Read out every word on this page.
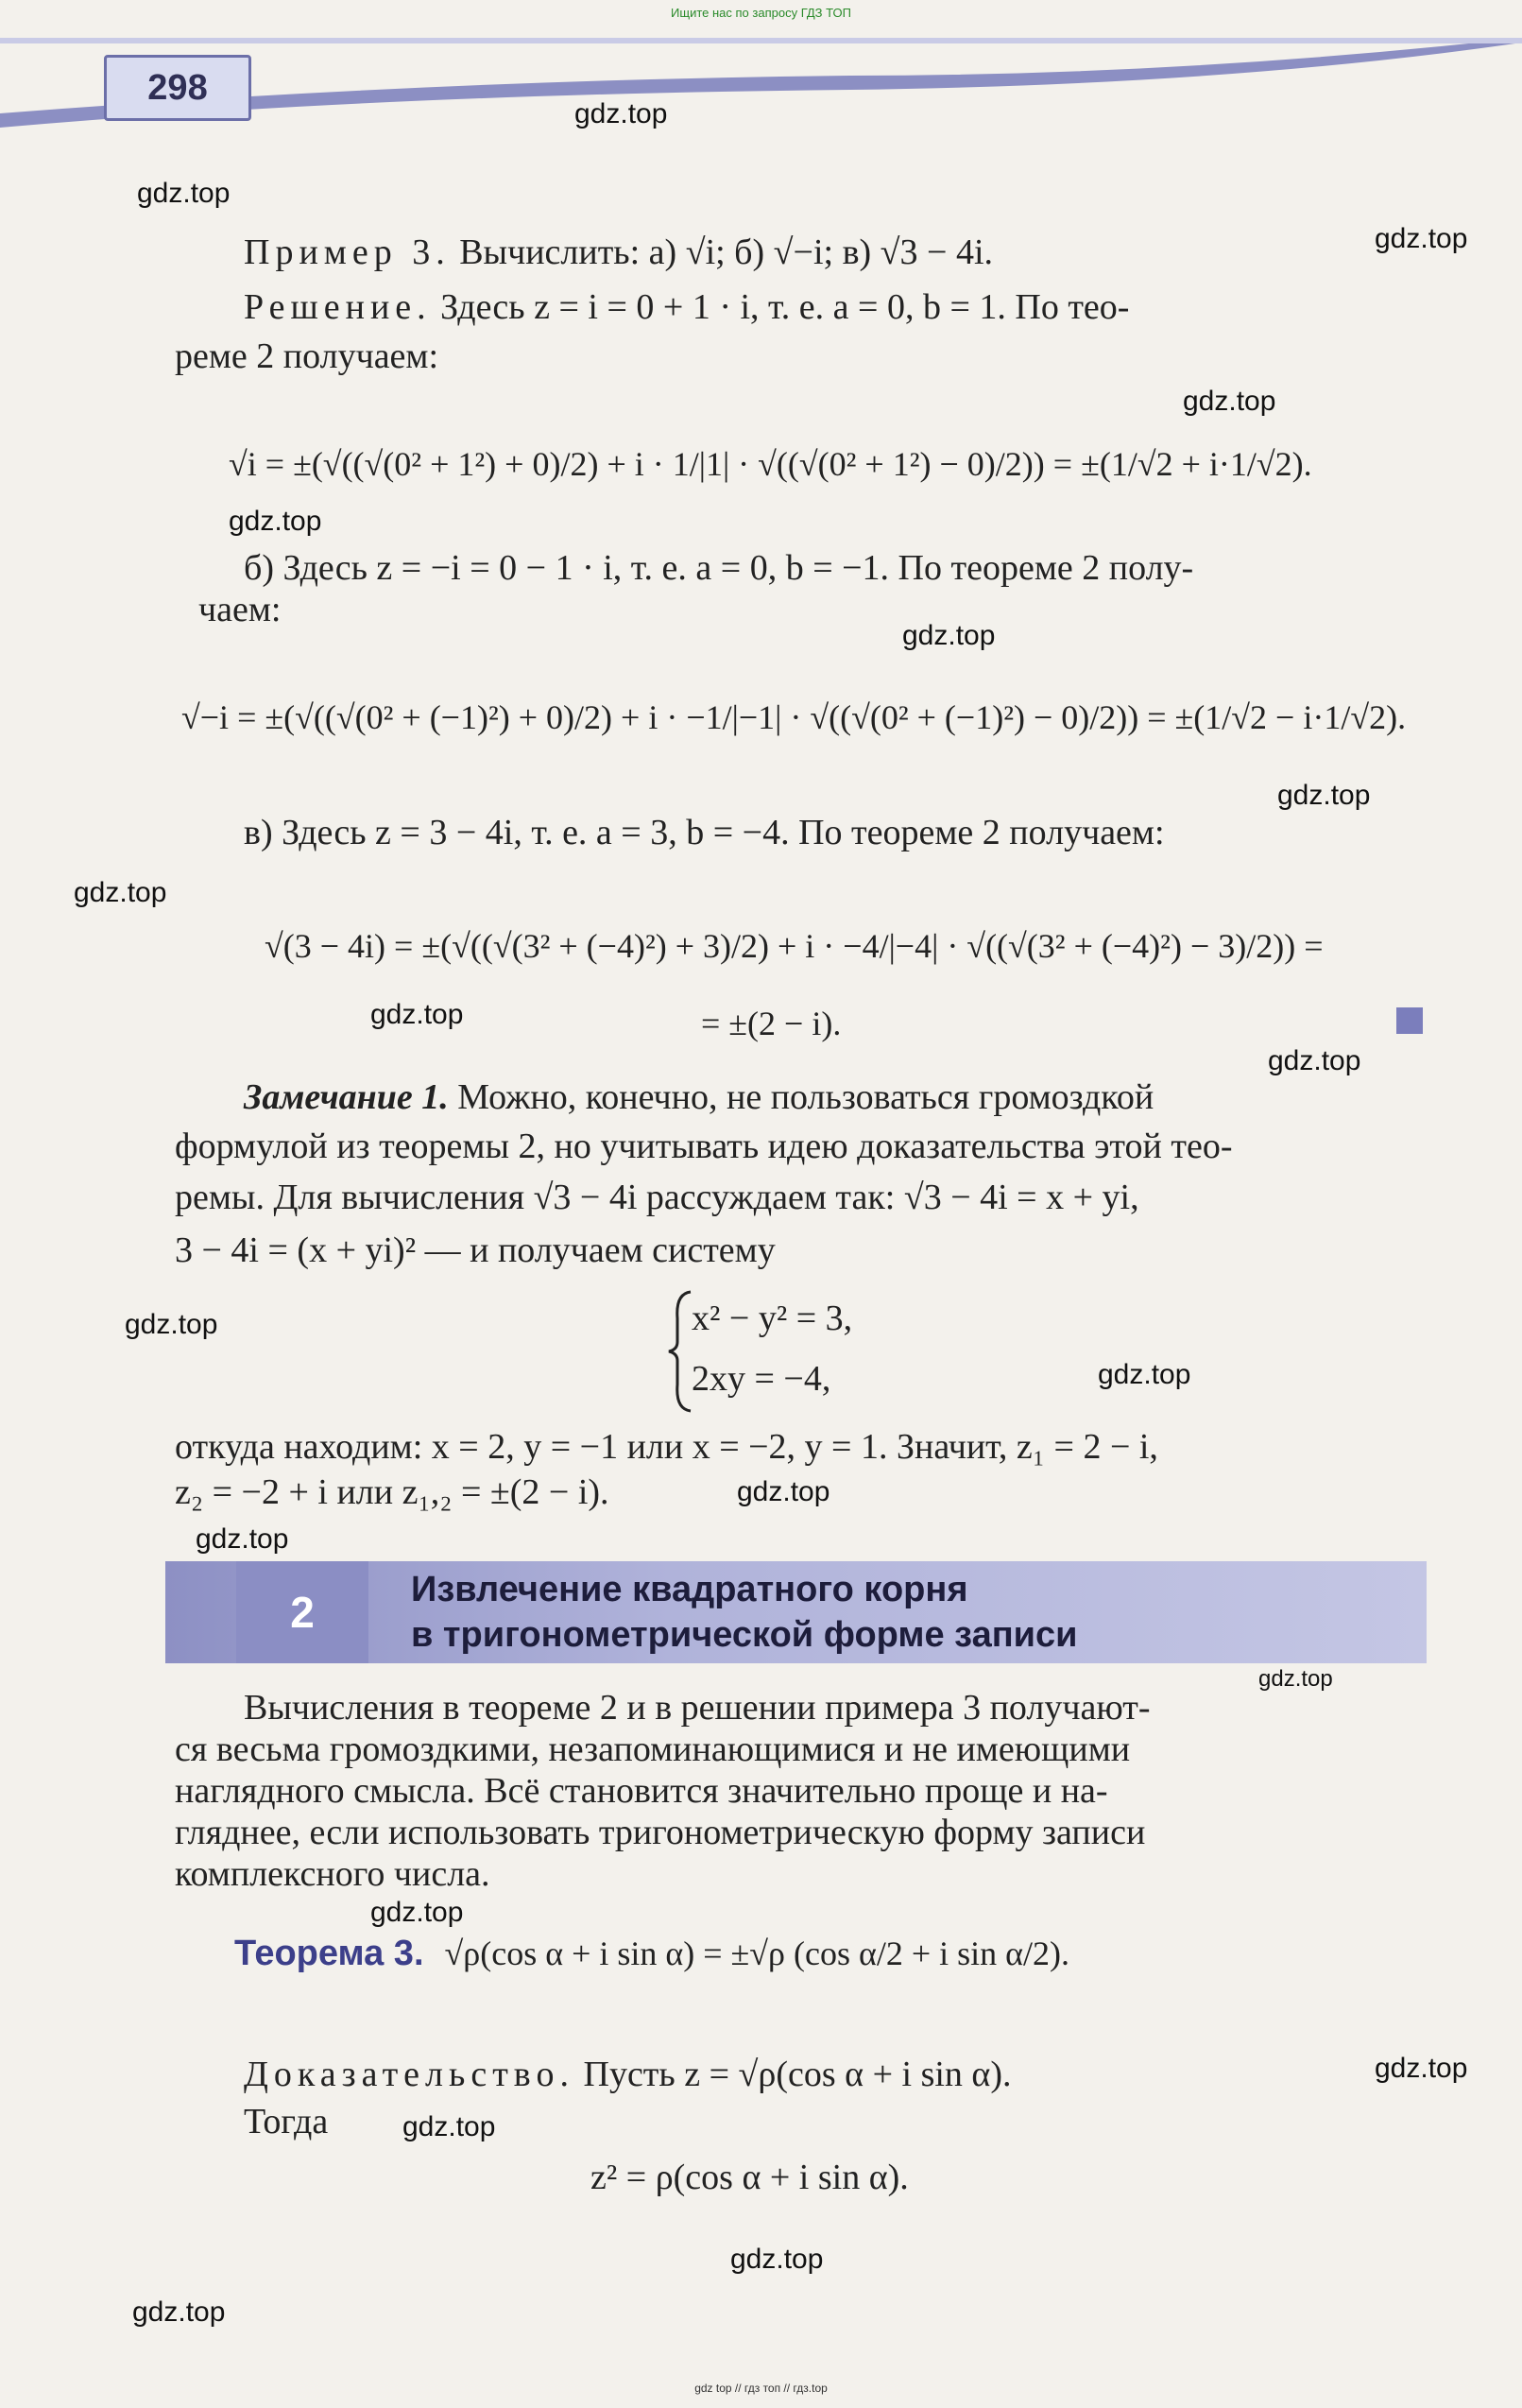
Ищите нас по запросу ГДЗ ТОП
298
gdz.top
gdz.top
gdz.top
gdz.top
gdz.top
gdz.top
gdz.top
gdz.top
gdz.top
gdz.top
gdz.top
gdz.top
gdz.top
gdz.top
gdz.top
gdz.top
gdz.top
gdz.top
gdz.top
gdz.top
Пример 3. Вычислить: а) √i; б) √−i; в) √3 − 4i.
Решение. Здесь z = i = 0 + 1 · i, т. е. a = 0, b = 1. По тео-
реме 2 получаем:
√i = ±(√((√(0² + 1²) + 0)/2) + i · 1/|1| · √((√(0² + 1²) − 0)/2)) = ±(1/√2 + i·1/√2).
б) Здесь z = −i = 0 − 1 · i, т. е. a = 0, b = −1. По теореме 2 полу-
чаем:
√−i = ±(√((√(0² + (−1)²) + 0)/2) + i · −1/|−1| · √((√(0² + (−1)²) − 0)/2)) = ±(1/√2 − i·1/√2).
в) Здесь z = 3 − 4i, т. е. a = 3, b = −4. По теореме 2 получаем:
√(3 − 4i) = ±(√((√(3² + (−4)²) + 3)/2) + i · −4/|−4| · √((√(3² + (−4)²) − 3)/2)) =
= ±(2 − i).
Замечание 1. Можно, конечно, не пользоваться громоздкой
формулой из теоремы 2, но учитывать идею доказательства этой тео-
ремы. Для вычисления √3 − 4i рассуждаем так: √3 − 4i = x + yi,
3 − 4i = (x + yi)² — и получаем систему
x² − y² = 3,
2xy = −4,
откуда находим: x = 2, y = −1 или x = −2, y = 1. Значит, z₁ = 2 − i,
z₂ = −2 + i или z₁,₂ = ±(2 − i).
2	Извлечение квадратного корня
в тригонометрической форме записи
Вычисления в теореме 2 и в решении примера 3 получают-
ся весьма громоздкими, незапоминающимися и не имеющими
наглядного смысла. Всё становится значительно проще и на-
гляднее, если использовать тригонометрическую форму записи
комплексного числа.
Теорема 3. √ρ(cos α + i sin α) = ±√ρ (cos α/2 + i sin α/2).
Доказательство. Пусть z = √ρ(cos α + i sin α).
Тогда
z² = ρ(cos α + i sin α).
gdz top // гдз топ // гдз.top
